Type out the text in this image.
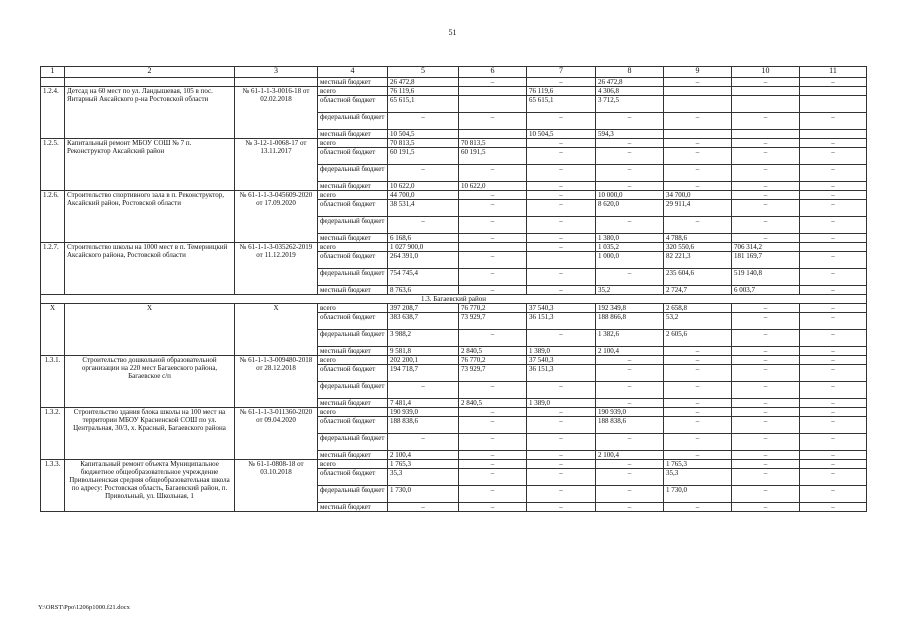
51
1	2	3	4	5	6	7	8	9	10	11
			местный бюджет	26 472,8	–	–	26 472,8	–	–	–
1.2.4.	Детсад на 60 мест по ул. Ландышевая, 105 в пос. Янтарный Аксайского р-на Ростовской области	№ 61-1-1-3-0016-18 от 02.02.2018	всего	76 119,6		76 119,6	4 306,8			
			областной бюджет	65 615,1		65 615,1	3 712,5			
			федеральный бюджет	–	–	–	–	–	–	–
			местный бюджет	10 504,5		10 504,5	594,3			
1.2.5.	Капитальный ремонт МБОУ СОШ № 7 п. Реконструктор Аксайский район	№ 3-12-1-0068-17 от 13.11.2017	всего	70 813,5	70 813,5	–	–	–	–	–
			областной бюджет	60 191,5	60 191,5	–	–	–	–	–
			федеральный бюджет	–	–	–	–	–	–	–
			местный бюджет	10 622,0	10 622,0	–	–	–	–	–
1.2.6.	Строительство спортивного зала в п. Реконструктор, Аксайский район, Ростовской области	№ 61-1-1-3-045609-2020 от 17.09.2020	всего	44 700,0	–	–	10 000,0	34 700,0	–	–
			областной бюджет	38 531,4	–	–	8 620,0	29 911,4	–	–
			федеральный бюджет	–	–	–	–	–	–	–
			местный бюджет	6 168,6	–	–	1 380,0	4 788,6	–	–
1.2.7.	Строительство школы на 1000 мест в п. Темерницкий Аксайского района, Ростовской области	№ 61-1-1-3-035262-2019 от 11.12.2019	всего	1 027 900,0		–	1 035,2	320 550,6	706 314,2	
			областной бюджет	264 391,0	–		1 000,0	82 221,3	181 169,7	–
			федеральный бюджет	754 745,4	–	–	–	235 604,6	519 140,8	–
			местный бюджет	8 763,6	–	–	35,2	2 724,7	6 003,7	–
1.3. Багаевский район										
Х	Х	Х	всего	397 208,7	76 770,2	37 540,3	192 349,8	2 658,8	–	–
			областной бюджет	383 638,7	73 929,7	36 151,3	188 866,8	53,2	–	–
			федеральный бюджет	3 988,2	–	–	1 382,6	2 605,6	–	–
			местный бюджет	9 581,8	2 840,5	1 389,0	2 100,4	–	–	–
1.3.1.	Строительство дошкольной образовательной организации на 220 мест Багаевского района, Багаевское с/п	№ 61-1-1-3-009480-2018 от 28.12.2018	всего	202 200,1	76 770,2	37 540,3	–	–	–	–
			областной бюджет	194 718,7	73 929,7	36 151,3	–	–	–	–
			федеральный бюджет	–	–	–	–	–	–	–
			местный бюджет	7 481,4	2 840,5	1 389,0	–	–	–	–
1.3.2.	Строительство здания блока школы на 100 мест на территории МБОУ Красненской СОШ по ул. Центральная, 30/3, х. Красный, Багаевского района	№ 61-1-1-3-011360-2020 от 09.04.2020	всего	190 939,0	–	–	190 939,0	–	–	–
			областной бюджет	188 838,6	–	–	188 838,6	–	–	–
			федеральный бюджет	–	–	–	–	–	–	–
			местный бюджет	2 100,4	–	–	2 100,4	–	–	–
1.3.3.	Капитальный ремонт объекта Муниципальное бюджетное общеобразовательное учреждение Привольненская средняя общеобразовательная школа по адресу: Ростовская область, Багаевский район, п. Привольный, ул. Школьная, 1	№ 61-1-0808-18 от 03.10.2018	всего	1 765,3	–	–	–	1 765,3	–	–
			областной бюджет	35,3	–	–	–	35,3	–	–
			федеральный бюджет	1 730,0	–	–	–	1 730,0	–	–
			местный бюджет	–	–	–	–	–	–	–
Y:\ORST\Ppo\1206p1000.f21.docx
